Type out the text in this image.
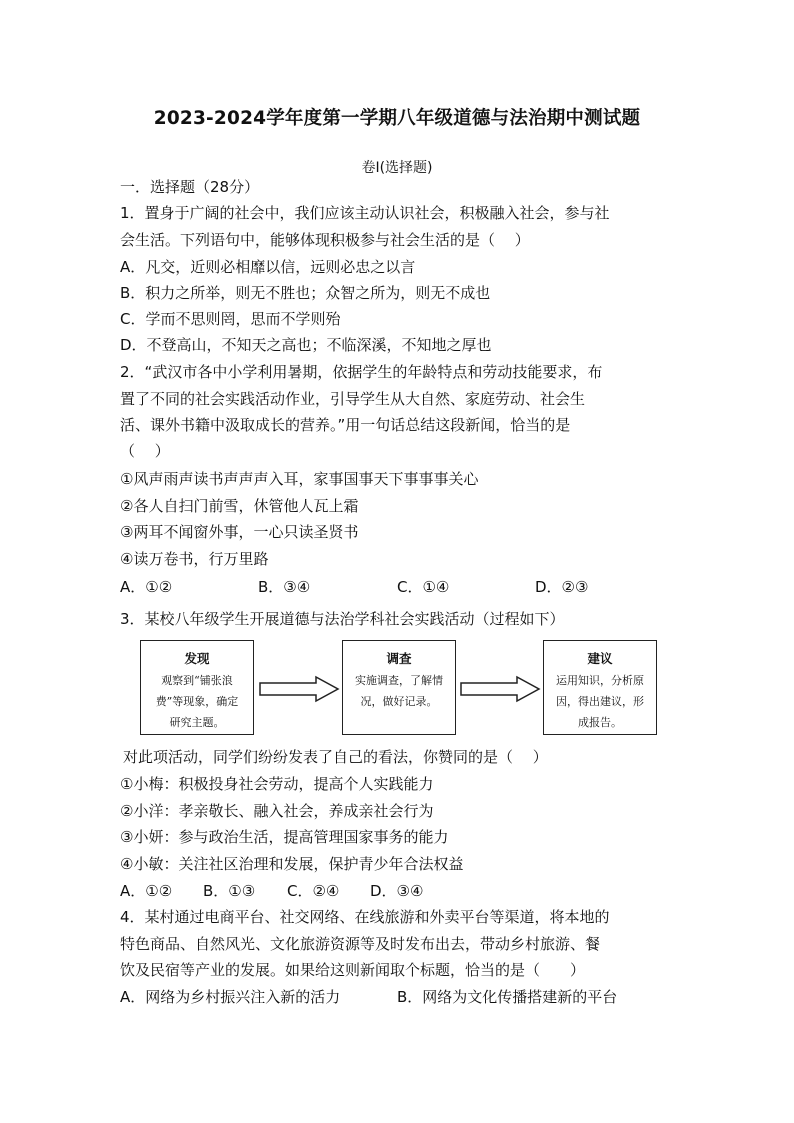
2023-2024学年度第一学期八年级道德与法治期中测试题
卷Ⅰ(选择题)
一．选择题（28分）
1．置身于广阔的社会中，我们应该主动认识社会，积极融入社会，参与社
会生活。下列语句中，能够体现积极参与社会生活的是（　 ）
A．凡交，近则必相靡以信，远则必忠之以言
B．积力之所举，则无不胜也；众智之所为，则无不成也
C．学而不思则罔，思而不学则殆
D．不登高山，不知天之高也；不临深溪，不知地之厚也
2．“武汉市各中小学利用暑期，依据学生的年龄特点和劳动技能要求，布
置了不同的社会实践活动作业，引导学生从大自然、家庭劳动、社会生
活、课外书籍中汲取成长的营养。”用一句话总结这段新闻，恰当的是
（　 ）
①风声雨声读书声声声入耳，家事国事天下事事事关心
②各人自扫门前雪，休管他人瓦上霜
③两耳不闻窗外事，一心只读圣贤书
④读万卷书，行万里路
A．①②	B．③④	C．①④	D．②③
3．某校八年级学生开展道德与法治学科社会实践活动（过程如下）
发现
观察到“铺张浪
费”等现象，确定
研究主题。
调查
实施调查，了解情
况，做好记录。
建议
运用知识，分析原
因，得出建议，形
成报告。
对此项活动，同学们纷纷发表了自己的看法，你赞同的是（　 ）
①小梅：积极投身社会劳动，提高个人实践能力
②小洋：孝亲敬长、融入社会，养成亲社会行为
③小妍：参与政治生活，提高管理国家事务的能力
④小敏：关注社区治理和发展，保护青少年合法权益
A．①② B．①③ C．②④ D．③④
4．某村通过电商平台、社交网络、在线旅游和外卖平台等渠道，将本地的
特色商品、自然风光、文化旅游资源等及时发布出去，带动乡村旅游、餐
饮及民宿等产业的发展。如果给这则新闻取个标题，恰当的是（　　）
A．网络为乡村振兴注入新的活力	B．网络为文化传播搭建新的平台
